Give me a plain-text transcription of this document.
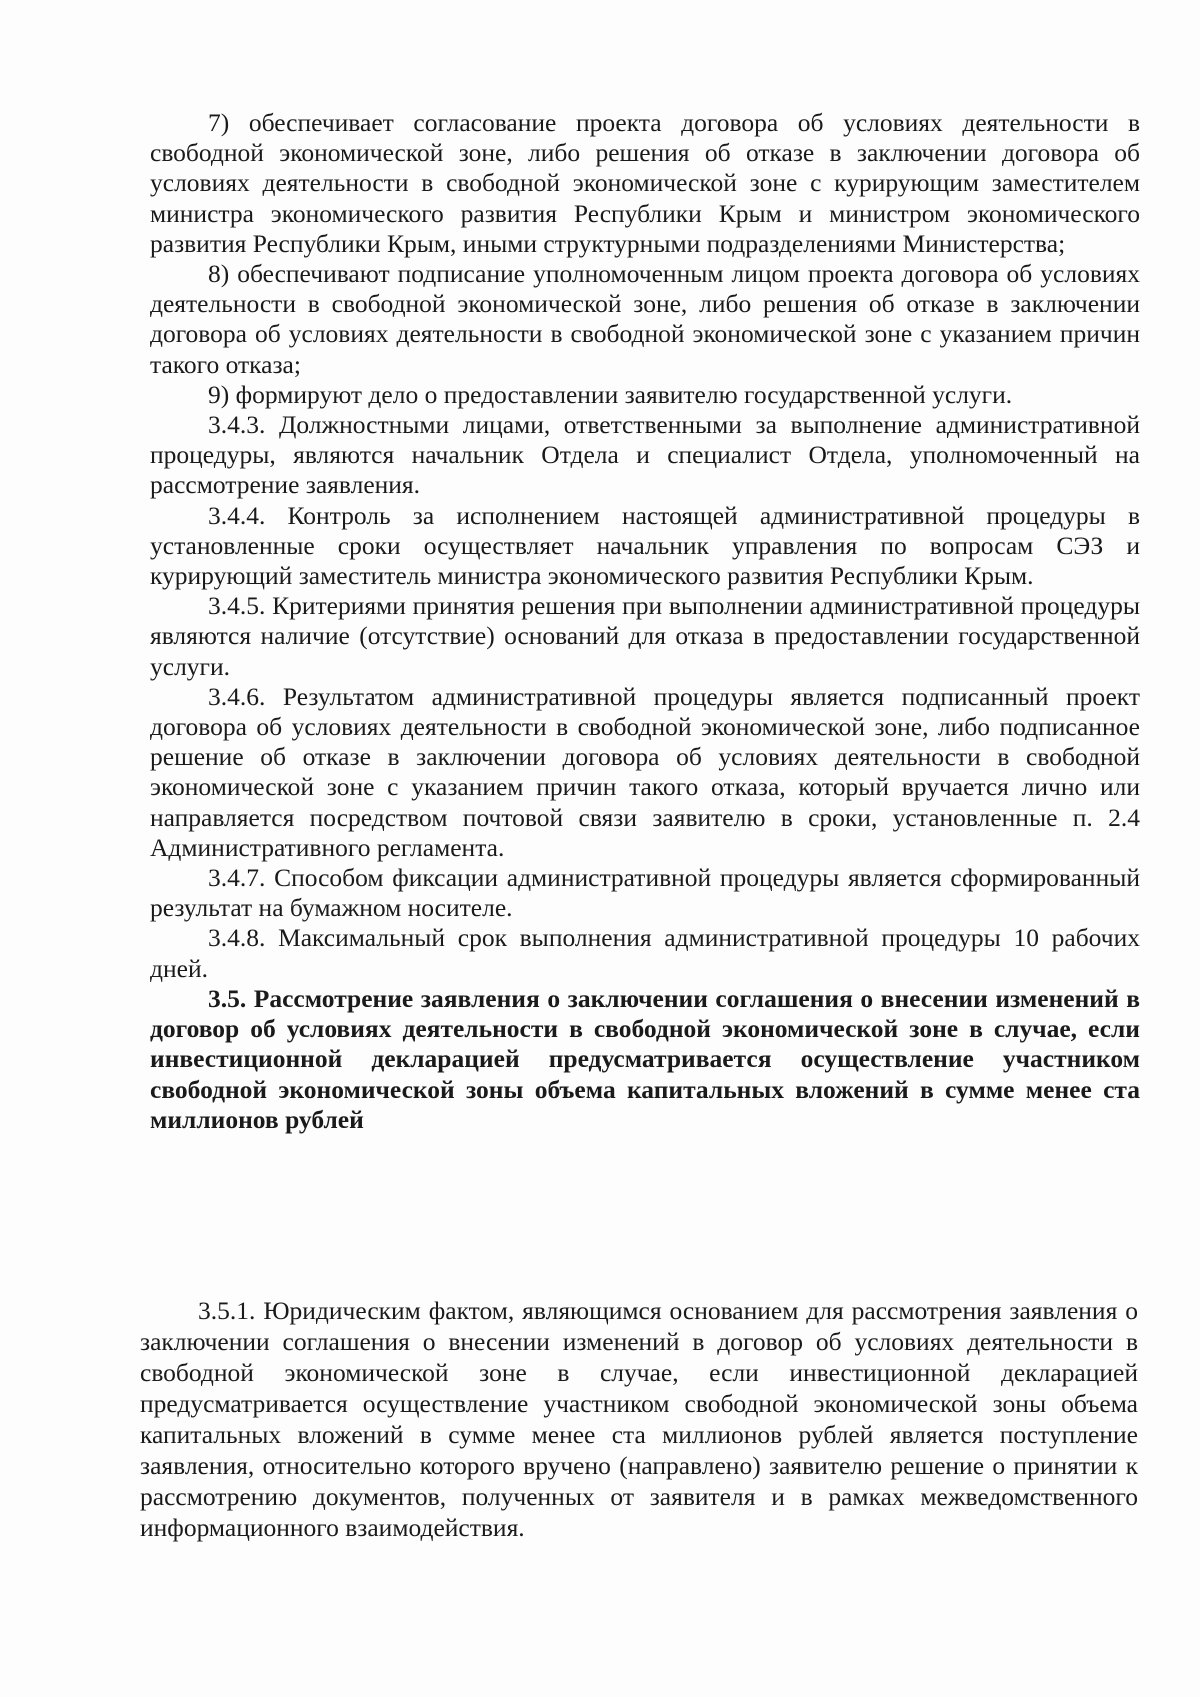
7) обеспечивает согласование проекта договора об условиях деятельности в свободной экономической зоне, либо решения об отказе в заключении договора об условиях деятельности в свободной экономической зоне с курирующим заместителем министра экономического развития Республики Крым и министром экономического развития Республики Крым, иными структурными подразделениями Министерства;

8) обеспечивают подписание уполномоченным лицом проекта договора об условиях деятельности в свободной экономической зоне, либо решения об отказе в заключении договора об условиях деятельности в свободной экономической зоне с указанием причин такого отказа;

9) формируют дело о предоставлении заявителю государственной услуги.

3.4.3. Должностными лицами, ответственными за выполнение административной процедуры, являются начальник Отдела и специалист Отдела, уполномоченный на рассмотрение заявления.

3.4.4. Контроль за исполнением настоящей административной процедуры в установленные сроки осуществляет начальник управления по вопросам СЭЗ и курирующий заместитель министра экономического развития Республики Крым.

3.4.5. Критериями принятия решения при выполнении административной процедуры являются наличие (отсутствие) оснований для отказа в предоставлении государственной услуги.

3.4.6. Результатом административной процедуры является подписанный проект договора об условиях деятельности в свободной экономической зоне, либо подписанное решение об отказе в заключении договора об условиях деятельности в свободной экономической зоне с указанием причин такого отказа, который вручается лично или направляется посредством почтовой связи заявителю в сроки, установленные п. 2.4 Административного регламента.

3.4.7. Способом фиксации административной процедуры является сформированный результат на бумажном носителе.

3.4.8. Максимальный срок выполнения административной процедуры 10 рабочих дней.

3.5. Рассмотрение заявления о заключении соглашения о внесении изменений в договор об условиях деятельности в свободной экономической зоне в случае, если инвестиционной декларацией предусматривается осуществление участником свободной экономической зоны объема капитальных вложений в сумме менее ста миллионов рублей

3.5.1. Юридическим фактом, являющимся основанием для рассмотрения заявления о заключении соглашения о внесении изменений в договор об условиях деятельности в свободной экономической зоне в случае, если инвестиционной декларацией предусматривается осуществление участником свободной экономической зоны объема капитальных вложений в сумме менее ста миллионов рублей является поступление заявления, относительно которого вручено (направлено) заявителю решение о принятии к рассмотрению документов, полученных от заявителя и в рамках межведомственного информационного взаимодействия.
